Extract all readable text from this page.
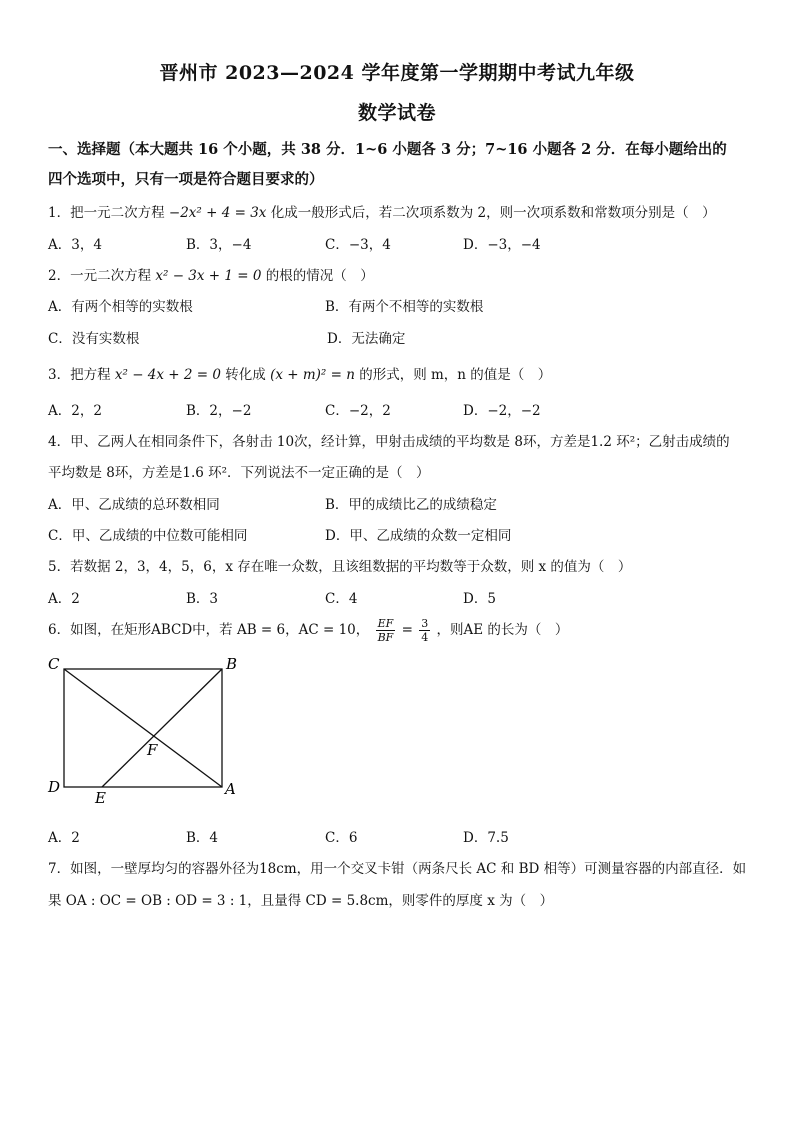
晋州市 2023—2024 学年度第一学期期中考试九年级
数学试卷
一、选择题（本大题共 16 个小题，共 38 分．1~6 小题各 3 分；7~16 小题各 2 分．在每小题给出的
四个选项中，只有一项是符合题目要求的）
1．把一元二次方程 −2x² + 4 = 3x 化成一般形式后，若二次项系数为 2，则一次项系数和常数项分别是（　）
A．3，4	B．3，−4	C．−3，4	D．−3，−4
2．一元二次方程 x² − 3x + 1 = 0 的根的情况（　）
A．有两个相等的实数根	B．有两个不相等的实数根
C．没有实数根	D．无法确定
3．把方程 x² − 4x + 2 = 0 转化成 (x + m)² = n 的形式，则 m，n 的值是（　）
A．2，2	B．2，−2	C．−2，2	D．−2，−2
4．甲、乙两人在相同条件下，各射击 10次，经计算，甲射击成绩的平均数是 8环，方差是1.2 环²；乙射击成绩的
平均数是 8环，方差是1.6 环²．下列说法不一定正确的是（　）
A．甲、乙成绩的总环数相同	B．甲的成绩比乙的成绩稳定
C．甲、乙成绩的中位数可能相同	D．甲、乙成绩的众数一定相同
5．若数据 2，3，4，5，6，x 存在唯一众数，且该组数据的平均数等于众数，则 x 的值为（　）
A．2	B．3	C．4	D．5
6．如图，在矩形ABCD中，若 AB = 6，AC = 10， $\frac{EF}{BF} = \frac{3}{4}$ ，则AE 的长为（　）
C	B
D	A
E
F
A．2	B．4	C．6	D．7.5
7．如图，一壁厚均匀的容器外径为18cm，用一个交叉卡钳（两条尺长 AC 和 BD 相等）可测量容器的内部直径．如
果 OA : OC = OB : OD = 3 : 1，且量得 CD = 5.8cm，则零件的厚度 x 为（　）
